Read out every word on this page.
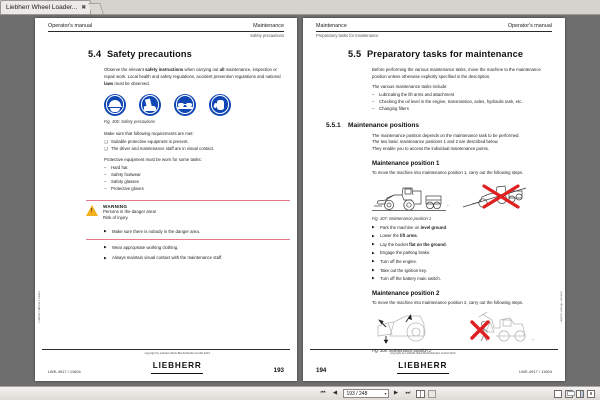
Liebherr Wheel Loader... ✖
Operator's manual	Maintenance
Safety precautions
5.4 Safety precautions

Observe the relevant safety instructions when carrying out all maintenance, inspection or repair work. Local health and safety regulations, accident prevention regulations and national laws must be observed.

Fig. 306: Safety precautions

Make sure that following requirements are met:

❑ Suitable protective equipment is present.
❑ The driver and maintenance staff are in visual contact.

Protective equipment must be worn for some tasks:

– Hard hat
– Safety footwear
– Safety glasses
– Protective gloves
!
WARNING
Persons in the danger area!
Risk of injury.
▶ Make sure there is nobody in the danger area.
▶ Wear appropriate working clothing.
▶ Always maintain visual contact with the maintenance staff.
Liebherr Wheel Loader
LWE-4917 / 11604
copyright by Liebherr-Werk Bischofshofen GmbH 2013
LIEBHERR
193
Maintenance	Operator's manual
Preparatory tasks for maintenance
5.5 Preparatory tasks for maintenance

Before performing the various maintenance tasks, move the machine to the maintenance position unless otherwise explicitly specified in the description.

The various maintenance tasks include:

– Lubricating the lift arms and attachment
– Checking the oil level in the engine, transmission, axles, hydraulic tank, etc.
– Changing filters
5.5.1 Maintenance positions

The maintenance position depends on the maintenance task to be performed.

The two basic maintenance positions 1 and 2 are described below.

They enable you to access the individual maintenance points.

Maintenance position 1

To move the machine into maintenance position 1, carry out the following steps.

L
Fig. 307: Maintenance position 1
▶ Park the machine on level ground.
▶ Lower the lift arms.
▶ Lay the bucket flat on the ground.
▶ Engage the parking brake.
▶ Turn off the engine.
▶ Take out the ignition key.
▶ Turn off the battery main switch.
Maintenance position 2

To move the machine into maintenance position 2, carry out the following steps.

L
Fig. 308: Maintenance position 2
Liebherr Wheel Loader
194
copyright by Liebherr-Werk Bischofshofen GmbH 2013
LIEBHERR
LWE-4917 / 11604
⏮	◀	193 / 248	▾	▶	⏭
